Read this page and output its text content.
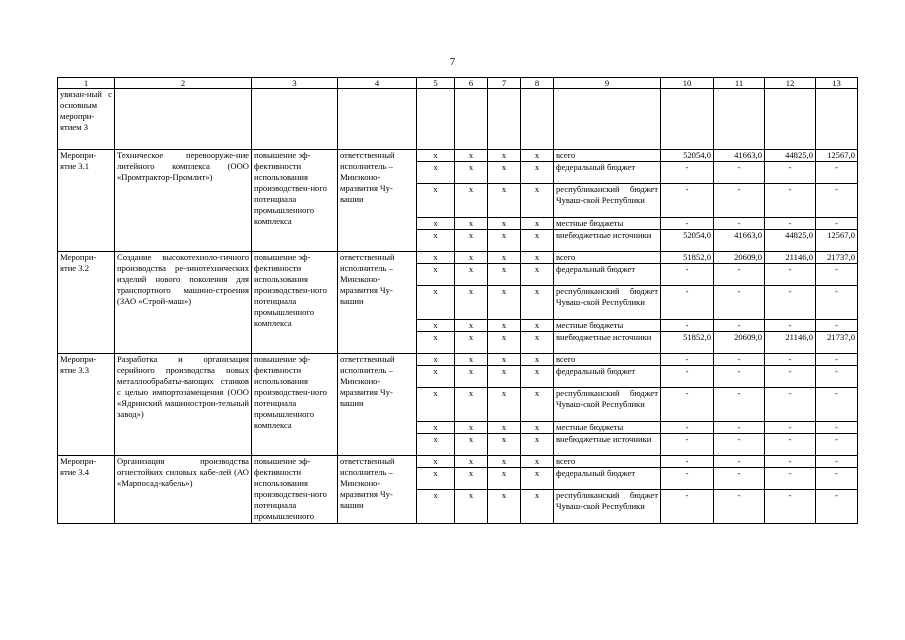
7
1	2	3	4	5	6	7	8	9	10	11	12	13
увязан-ный с основным меропри-ятием 3												
Меропри-ятие 3.1	Техническое перевооруже-ние литейного комплекса (ООО «Промтрактор-Промлит»)	повышение эф-фективности использования производствен-ного потенциала промышленного комплекса	ответственный исполнитель – Минэконо-мразвития Чу-вашии	х	х	х	х	всего	52054,0	41663,0	44825,0	12567,0
				х	х	х	х	федеральный бюджет	-	-	-	-
				х	х	х	х	республиканский бюджет Чуваш-ской Республики	-	-	-	-
				х	х	х	х	местные бюджеты	-	-	-	-
				х	х	х	х	внебюджетные источники	52054,0	41663,0	44825,0	12567,0
Меропри-ятие 3.2	Создание высокотехноло-гичного производства ре-зинотехнических изделий нового поколения для транспортного машино-строения (ЗАО «Строй-маш»)	повышение эф-фективности использования производствен-ного потенциала промышленного комплекса	ответственный исполнитель – Минэконо-мразвития Чу-вашии	х	х	х	х	всего	51852,0	20609,0	21146,0	21737,0
				х	х	х	х	федеральный бюджет	-	-	-	-
				х	х	х	х	республиканский бюджет Чуваш-ской Республики	-	-	-	-
				х	х	х	х	местные бюджеты	-	-	-	-
				х	х	х	х	внебюджетные источники	51852,0	20609,0	21146,0	21737,0
Меропри-ятие 3.3	Разработка и организация серийного производства новых металлообрабаты-вающих станков с целью импортозамещения (ООО «Ядринский машинострои-тельный завод»)	повышение эф-фективности использования производствен-ного потенциала промышленного комплекса	ответственный исполнитель – Минэконо-мразвития Чу-вашии	х	х	х	х	всего	-	-	-	-
				х	х	х	х	федеральный бюджет	-	-	-	-
				х	х	х	х	республиканский бюджет Чуваш-ской Республики	-	-	-	-
				х	х	х	х	местные бюджеты	-	-	-	-
				х	х	х	х	внебюджетные источники	-	-	-	-
Меропри-ятие 3.4	Организация производства огнестойких силовых кабе-лей (АО «Марпосад-кабель»)	повышение эф-фективности использования производствен-ного потенциала промышленного	ответственный исполнитель – Минэконо-мразвития Чу-вашии	х	х	х	х	всего	-	-	-	-
				х	х	х	х	федеральный бюджет	-	-	-	-
				х	х	х	х	республиканский бюджет Чуваш-ской Республики	-	-	-	-
